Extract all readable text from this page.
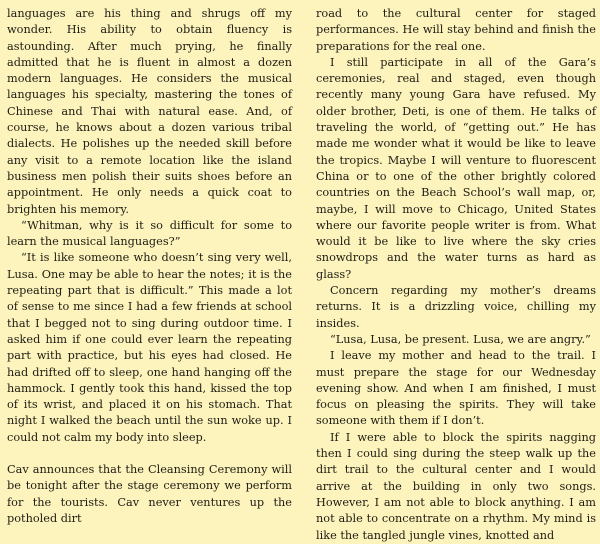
languages are his thing and shrugs off my wonder. His ability to obtain fluency is astounding. After much prying, he finally admitted that he is fluent in almost a dozen modern languages. He considers the musical languages his specialty, mastering the tones of Chinese and Thai with natural ease. And, of course, he knows about a dozen various tribal dialects. He polishes up the needed skill before any visit to a remote location like the island business men polish their suits shoes before an appointment. He only needs a quick coat to brighten his memory.

“Whitman, why is it so difficult for some to learn the musical languages?”

“It is like someone who doesn’t sing very well, Lusa. One may be able to hear the notes; it is the repeating part that is difficult.” This made a lot of sense to me since I had a few friends at school that I begged not to sing during outdoor time. I asked him if one could ever learn the repeating part with practice, but his eyes had closed. He had drifted off to sleep, one hand hanging off the hammock. I gently took this hand, kissed the top of its wrist, and placed it on his stomach. That night I walked the beach until the sun woke up. I could not calm my body into sleep.

Cav announces that the Cleansing Ceremony will be tonight after the stage ceremony we perform for the tourists. Cav never ventures up the potholed dirt

road to the cultural center for staged performances. He will stay behind and finish the preparations for the real one.

I still participate in all of the Gara’s ceremonies, real and staged, even though recently many young Gara have refused. My older brother, Deti, is one of them. He talks of traveling the world, of “getting out.” He has made me wonder what it would be like to leave the tropics. Maybe I will venture to fluorescent China or to one of the other brightly colored countries on the Beach School’s wall map, or, maybe, I will move to Chicago, United States where our favorite people writer is from. What would it be like to live where the sky cries snowdrops and the water turns as hard as glass?

Concern regarding my mother’s dreams returns. It is a drizzling voice, chilling my insides.

“Lusa, Lusa, be present. Lusa, we are angry.”

I leave my mother and head to the trail. I must prepare the stage for our Wednesday evening show. And when I am finished, I must focus on pleasing the spirits. They will take someone with them if I don’t.

If I were able to block the spirits nagging then I could sing during the steep walk up the dirt trail to the cultural center and I would arrive at the building in only two songs. However, I am not able to block anything. I am not able to concentrate on a rhythm. My mind is like the tangled jungle vines, knotted and
